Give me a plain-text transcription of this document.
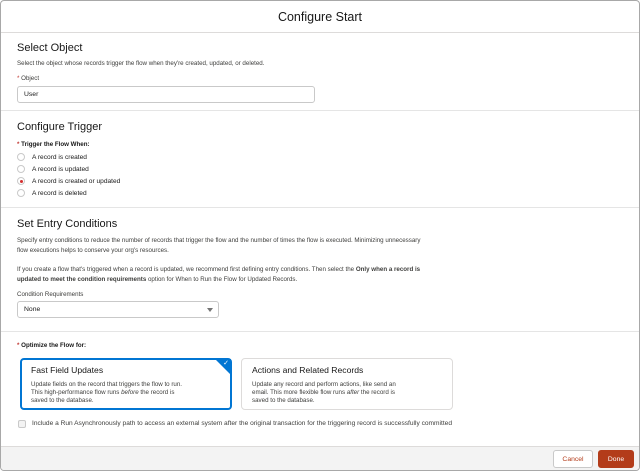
Configure Start
Select Object
Select the object whose records trigger the flow when they're created, updated, or deleted.
* Object
User
Configure Trigger
* Trigger the Flow When:
A record is created
A record is updated
A record is created or updated
A record is deleted
Set Entry Conditions
Specify entry conditions to reduce the number of records that trigger the flow and the number of times the flow is executed. Minimizing unnecessary
flow executions helps to conserve your org's resources.
If you create a flow that's triggered when a record is updated, we recommend first defining entry conditions. Then select the Only when a record is
updated to meet the condition requirements option for When to Run the Flow for Updated Records.
Condition Requirements
None
* Optimize the Flow for:
✓
Fast Field Updates
Update fields on the record that triggers the flow to run.
This high-performance flow runs before the record is
saved to the database.
Actions and Related Records
Update any record and perform actions, like send an
email. This more flexible flow runs after the record is
saved to the database.
Include a Run Asynchronously path to access an external system after the original transaction for the triggering record is successfully committed
Cancel	Done
